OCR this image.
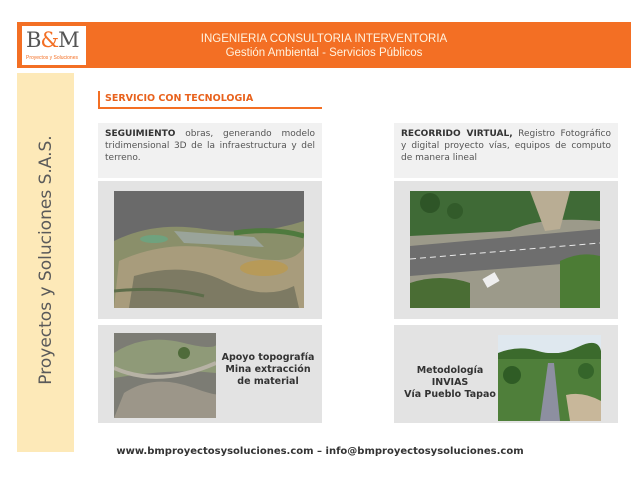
B&M
Proyectos y Soluciones
INGENIERIA CONSULTORIA INTERVENTORIA
Gestión Ambiental - Servicios Públicos
Proyectos y Soluciones S.A.S.
SERVICIO CON TECNOLOGIA
SEGUIMIENTO obras, generando modelo tridimensional 3D de la infraestructura y del terreno.
Apoyo topografía
Mina extracción
de material
RECORRIDO VIRTUAL, Registro Fotográfico y digital proyecto vías, equipos de computo de manera lineal
Metodología
INVIAS
Vía Pueblo Tapao
www.bmproyectosysoluciones.com – info@bmproyectosysoluciones.com
